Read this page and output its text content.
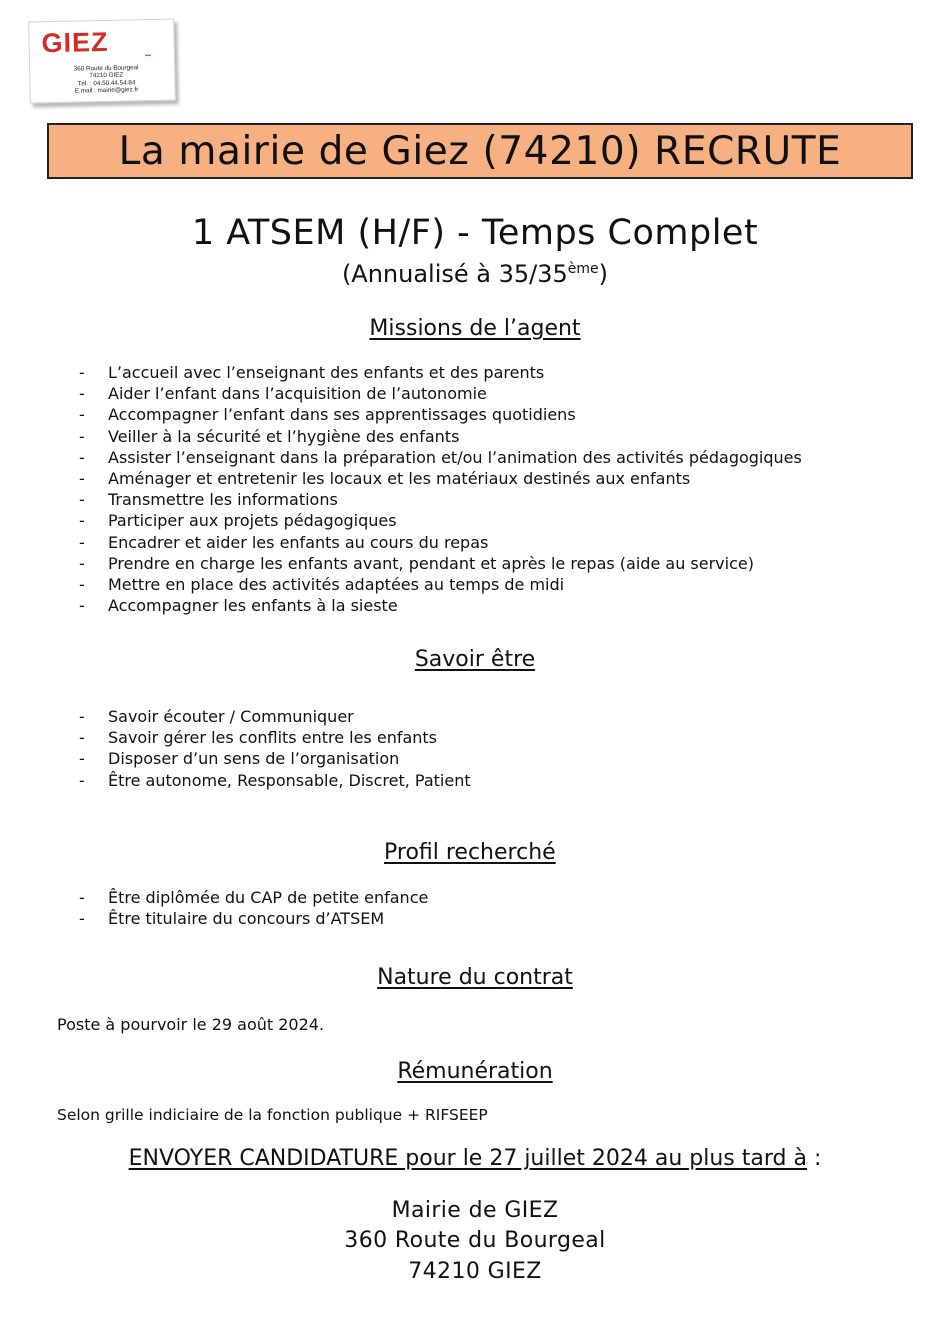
GIEZ	...
360 Route du Bourgeal
74210 GIEZ
Tél. : 04.50.44.54.84
E.mail : mairie@giez.fr
La mairie de Giez (74210) RECRUTE
1 ATSEM (H/F) - Temps Complet
(Annualisé à 35/35ème)
Missions de l’agent
- L’accueil avec l’enseignant des enfants et des parents
- Aider l’enfant dans l’acquisition de l’autonomie
- Accompagner l’enfant dans ses apprentissages quotidiens
- Veiller à la sécurité et l’hygiène des enfants
- Assister l’enseignant dans la préparation et/ou l’animation des activités pédagogiques
- Aménager et entretenir les locaux et les matériaux destinés aux enfants
- Transmettre les informations
- Participer aux projets pédagogiques
- Encadrer et aider les enfants au cours du repas
- Prendre en charge les enfants avant, pendant et après le repas (aide au service)
- Mettre en place des activités adaptées au temps de midi
- Accompagner les enfants à la sieste
Savoir être
- Savoir écouter / Communiquer
- Savoir gérer les conflits entre les enfants
- Disposer d’un sens de l’organisation
- Être autonome, Responsable, Discret, Patient
Profil recherché
- Être diplômée du CAP de petite enfance
- Être titulaire du concours d’ATSEM
Nature du contrat
Poste à pourvoir le 29 août 2024.
Rémunération
Selon grille indiciaire de la fonction publique + RIFSEEP
ENVOYER CANDIDATURE pour le 27 juillet 2024 au plus tard à :
Mairie de GIEZ
360 Route du Bourgeal
74210 GIEZ
